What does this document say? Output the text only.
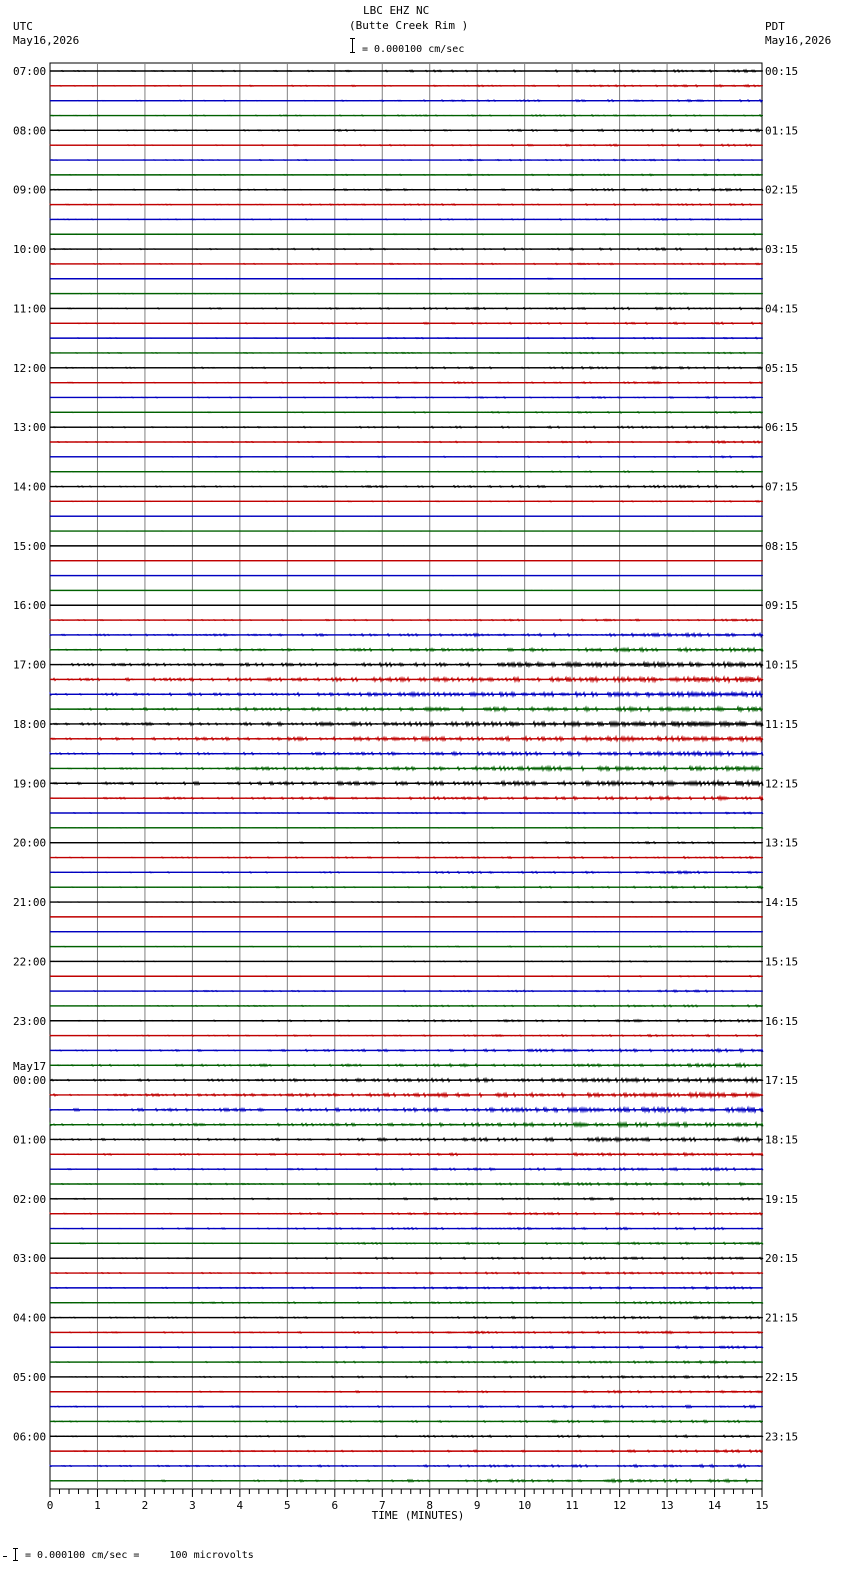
LBC EHZ NC
(Butte Creek Rim )
= 0.000100 cm/sec
UTC
May16,2026
PDT
May16,2026
07:00
08:00
09:00
10:00
11:00
12:00
13:00
14:00
15:00
16:00
17:00
18:00
19:00
20:00
21:00
22:00
23:00
00:00
May17
01:00
02:00
03:00
04:00
05:00
06:00
00:15
01:15
02:15
03:15
04:15
05:15
06:15
07:15
08:15
09:15
10:15
11:15
12:15
13:15
14:15
15:15
16:15
17:15
18:15
19:15
20:15
21:15
22:15
23:15
0	1	2	3	4	5	6	7	8	9	10	11	12	13	14	15
TIME (MINUTES)
= 0.000100 cm/sec =     100 microvolts
